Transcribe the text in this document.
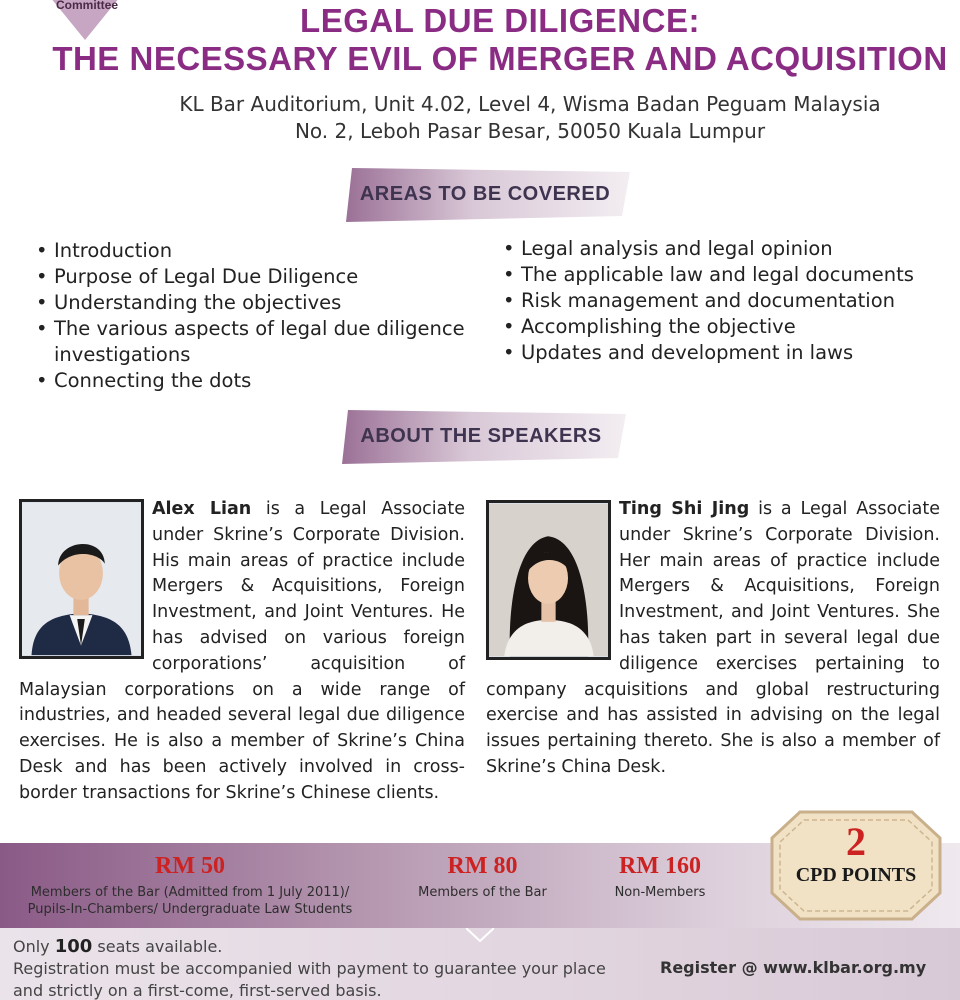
Committee	LEGAL DUE DILIGENCE:
THE NECESSARY EVIL OF MERGER AND ACQUISITION
KL Bar Auditorium, Unit 4.02, Level 4, Wisma Badan Peguam Malaysia
No. 2, Leboh Pasar Besar, 50050 Kuala Lumpur
AREAS TO BE COVERED
• Introduction
• Purpose of Legal Due Diligence
• Understanding the objectives
• The various aspects of legal due diligence investigations
• Connecting the dots
• Legal analysis and legal opinion
• The applicable law and legal documents
• Risk management and documentation
• Accomplishing the objective
• Updates and development in laws
ABOUT THE SPEAKERS
Alex Lian is a Legal Associate under Skrine’s Corporate Division. His main areas of practice include Mergers & Acquisitions, Foreign Investment, and Joint Ventures. He has advised on various foreign corporations’ acquisition of Malaysian corporations on a wide range of industries, and headed several legal due diligence exercises. He is also a member of Skrine’s China Desk and has been actively involved in cross-border transactions for Skrine’s Chinese clients.
Ting Shi Jing is a Legal Associate under Skrine’s Corporate Division. Her main areas of practice include Mergers & Acquisitions, Foreign Investment, and Joint Ventures. She has taken part in several legal due diligence exercises pertaining to company acquisitions and global restructuring exercise and has assisted in advising on the legal issues pertaining thereto. She is also a member of Skrine’s China Desk.
RM 50
Members of the Bar (Admitted from 1 July 2011)/
Pupils-In-Chambers/ Undergraduate Law Students
RM 80
Members of the Bar
RM 160
Non-Members
2
CPD POINTS
Only 100 seats available.
Registration must be accompanied with payment to guarantee your place and strictly on a first-come, first-served basis.
Register @ www.klbar.org.my
